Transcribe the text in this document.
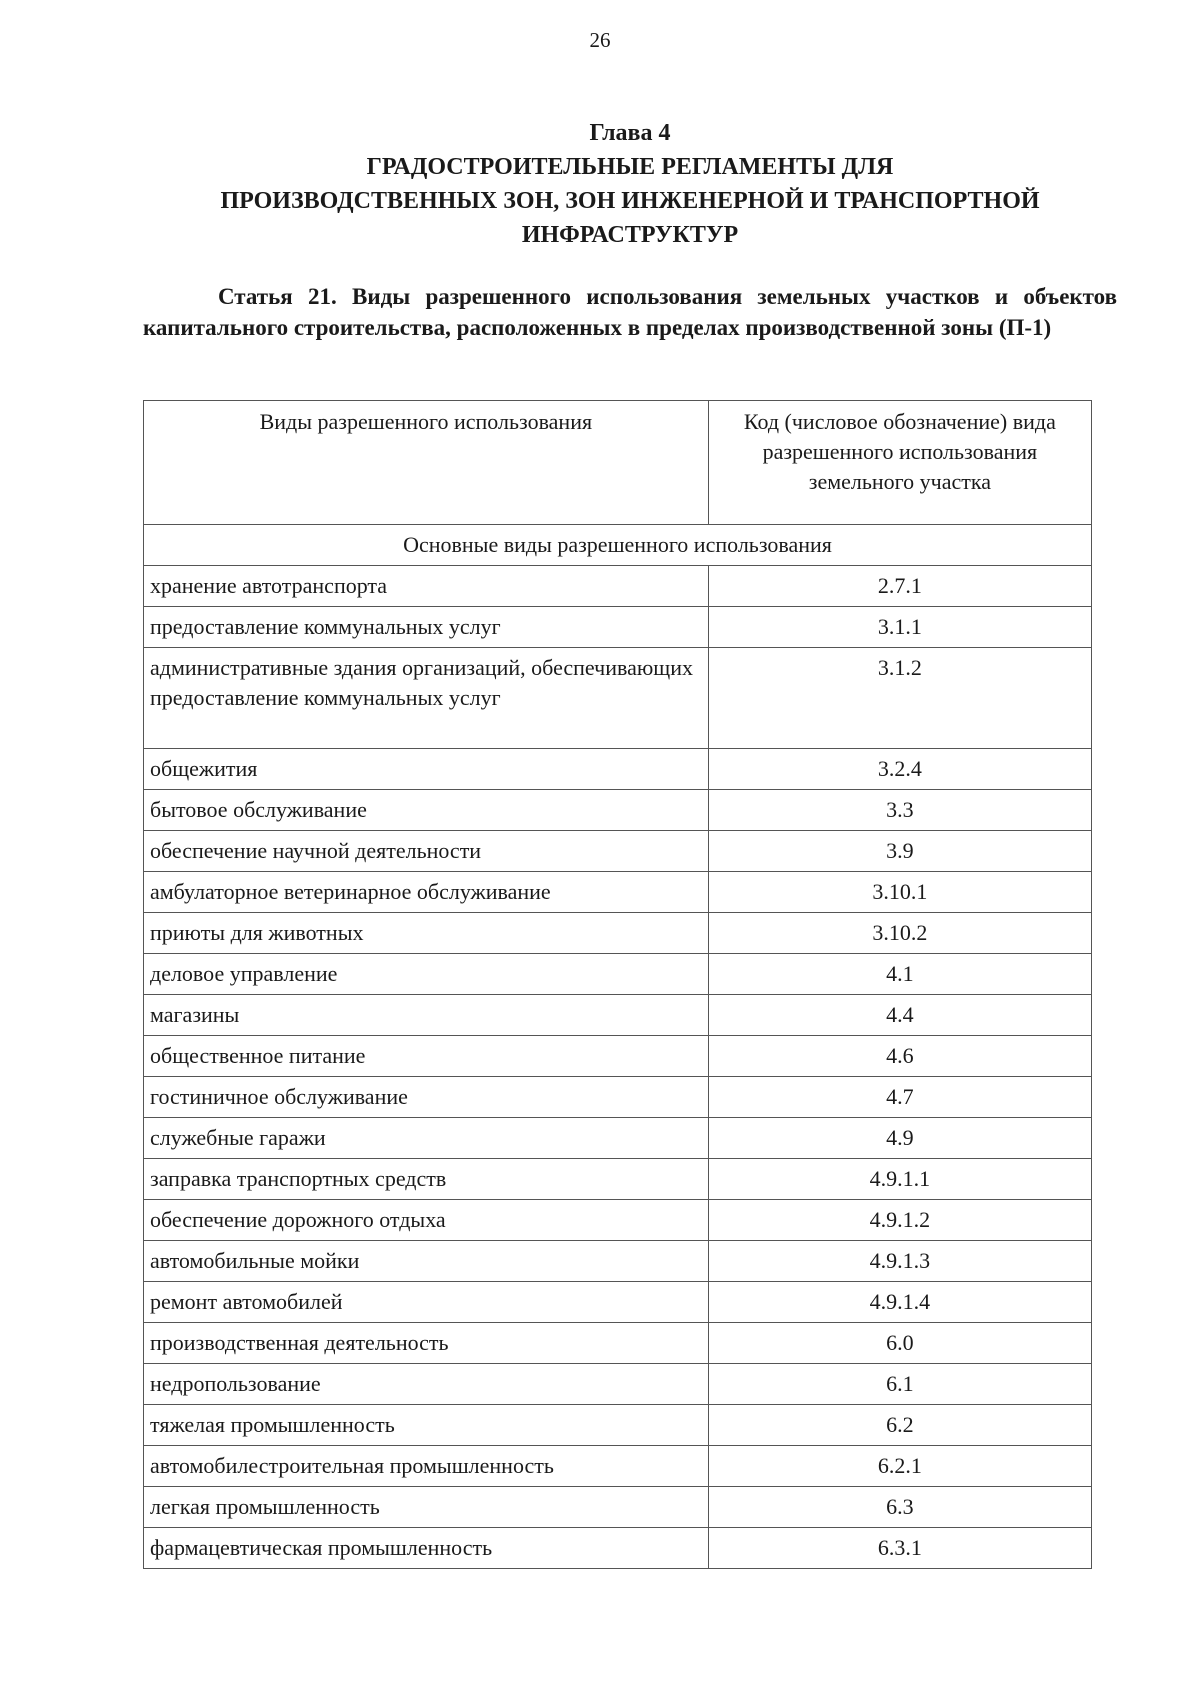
26
Глава 4
ГРАДОСТРОИТЕЛЬНЫЕ РЕГЛАМЕНТЫ ДЛЯ
ПРОИЗВОДСТВЕННЫХ ЗОН, ЗОН ИНЖЕНЕРНОЙ И ТРАНСПОРТНОЙ
ИНФРАСТРУКТУР
Статья 21. Виды разрешенного использования земельных участков и объектов капитального строительства, расположенных в пределах производственной зоны (П-1)
Виды разрешенного использования	Код (числовое обозначение) вида разрешенного использования земельного участка
Основные виды разрешенного использования	
хранение автотранспорта	2.7.1
предоставление коммунальных услуг	3.1.1
административные здания организаций, обеспечивающих предоставление коммунальных услуг	3.1.2
общежития	3.2.4
бытовое обслуживание	3.3
обеспечение научной деятельности	3.9
амбулаторное ветеринарное обслуживание	3.10.1
приюты для животных	3.10.2
деловое управление	4.1
магазины	4.4
общественное питание	4.6
гостиничное обслуживание	4.7
служебные гаражи	4.9
заправка транспортных средств	4.9.1.1
обеспечение дорожного отдыха	4.9.1.2
автомобильные мойки	4.9.1.3
ремонт автомобилей	4.9.1.4
производственная деятельность	6.0
недропользование	6.1
тяжелая промышленность	6.2
автомобилестроительная промышленность	6.2.1
легкая промышленность	6.3
фармацевтическая промышленность	6.3.1
